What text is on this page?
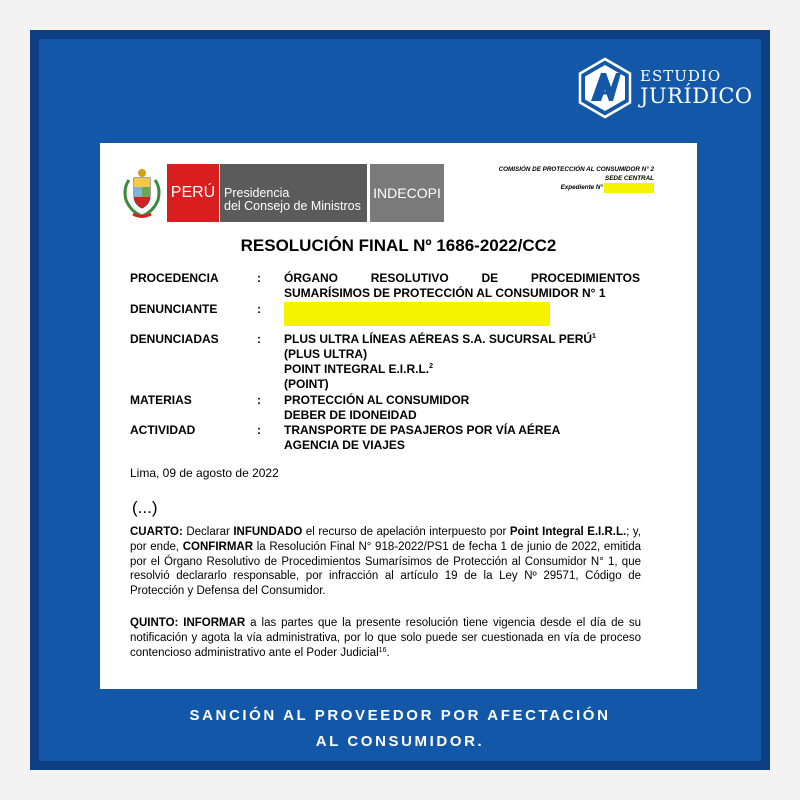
ESTUDIO
JURÍDICO
PERÚ Presidencia
del Consejo de Ministros
INDECOPI
COMISIÓN DE PROTECCIÓN AL CONSUMIDOR N° 2
SEDE CENTRAL
Expediente N°
RESOLUCIÓN FINAL Nº 1686-2022/CC2
PROCEDENCIA	: ÓRGANO	RESOLUTIVO	DE	PROCEDIMIENTOS
SUMARÍSIMOS DE PROTECCIÓN AL CONSUMIDOR N° 1
DENUNCIANTE	:
DENUNCIADAS	: PLUS ULTRA LÍNEAS AÉREAS S.A. SUCURSAL PERÚ$^1$
(PLUS ULTRA)
POINT INTEGRAL E.I.R.L.$^2$
(POINT)
MATERIAS	: PROTECCIÓN AL CONSUMIDOR
DEBER DE IDONEIDAD
ACTIVIDAD	: TRANSPORTE DE PASAJEROS POR VÍA AÉREA
AGENCIA DE VIAJES
Lima, 09 de agosto de 2022
(...)
CUARTO: Declarar INFUNDADO el recurso de apelación interpuesto por Point Integral E.I.R.L.; y, por ende, CONFIRMAR la Resolución Final N° 918-2022/PS1 de fecha 1 de junio de 2022, emitida por el Órgano Resolutivo de Procedimientos Sumarísimos de Protección al Consumidor N° 1, que resolvió declararlo responsable, por infracción al artículo 19 de la Ley Nº 29571, Código de Protección y Defensa del Consumidor.
QUINTO: INFORMAR a las partes que la presente resolución tiene vigencia desde el día de su notificación y agota la vía administrativa, por lo que solo puede ser cuestionada en vía de proceso contencioso administrativo ante el Poder Judicial$^{16}$.
SANCIÓN AL PROVEEDOR POR AFECTACIÓN
AL CONSUMIDOR.
